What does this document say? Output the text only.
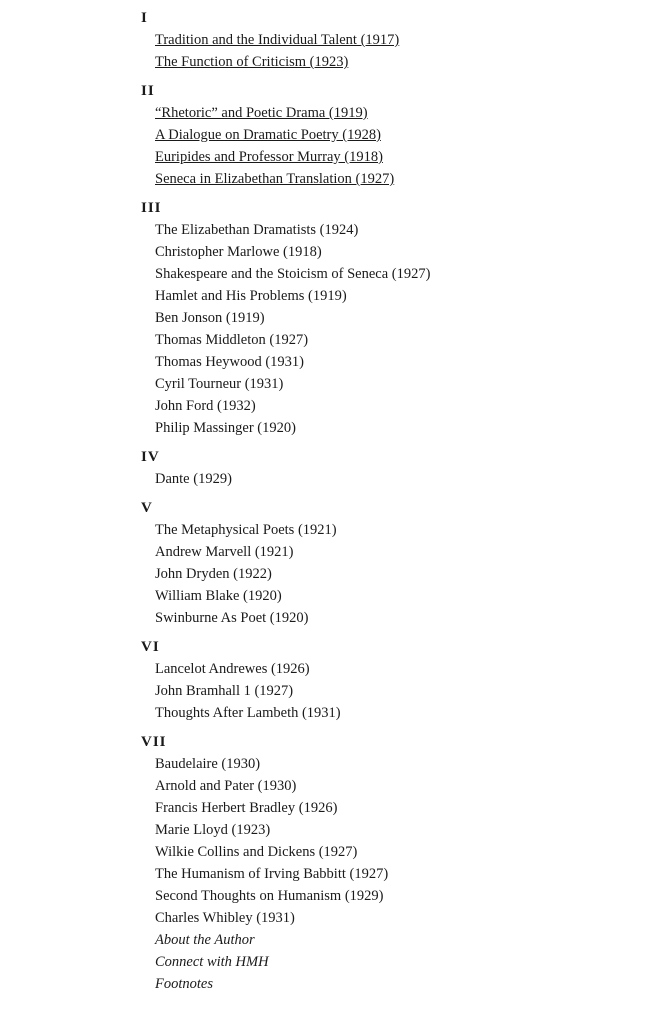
I
Tradition and the Individual Talent (1917)
The Function of Criticism (1923)
II
“Rhetoric” and Poetic Drama (1919)
A Dialogue on Dramatic Poetry (1928)
Euripides and Professor Murray (1918)
Seneca in Elizabethan Translation (1927)
III
The Elizabethan Dramatists (1924)
Christopher Marlowe (1918)
Shakespeare and the Stoicism of Seneca (1927)
Hamlet and His Problems (1919)
Ben Jonson (1919)
Thomas Middleton (1927)
Thomas Heywood (1931)
Cyril Tourneur (1931)
John Ford (1932)
Philip Massinger (1920)
IV
Dante (1929)
V
The Metaphysical Poets (1921)
Andrew Marvell (1921)
John Dryden (1922)
William Blake (1920)
Swinburne As Poet (1920)
VI
Lancelot Andrewes (1926)
John Bramhall 1 (1927)
Thoughts After Lambeth (1931)
VII
Baudelaire (1930)
Arnold and Pater (1930)
Francis Herbert Bradley (1926)
Marie Lloyd (1923)
Wilkie Collins and Dickens (1927)
The Humanism of Irving Babbitt (1927)
Second Thoughts on Humanism (1929)
Charles Whibley (1931)
About the Author
Connect with HMH
Footnotes
